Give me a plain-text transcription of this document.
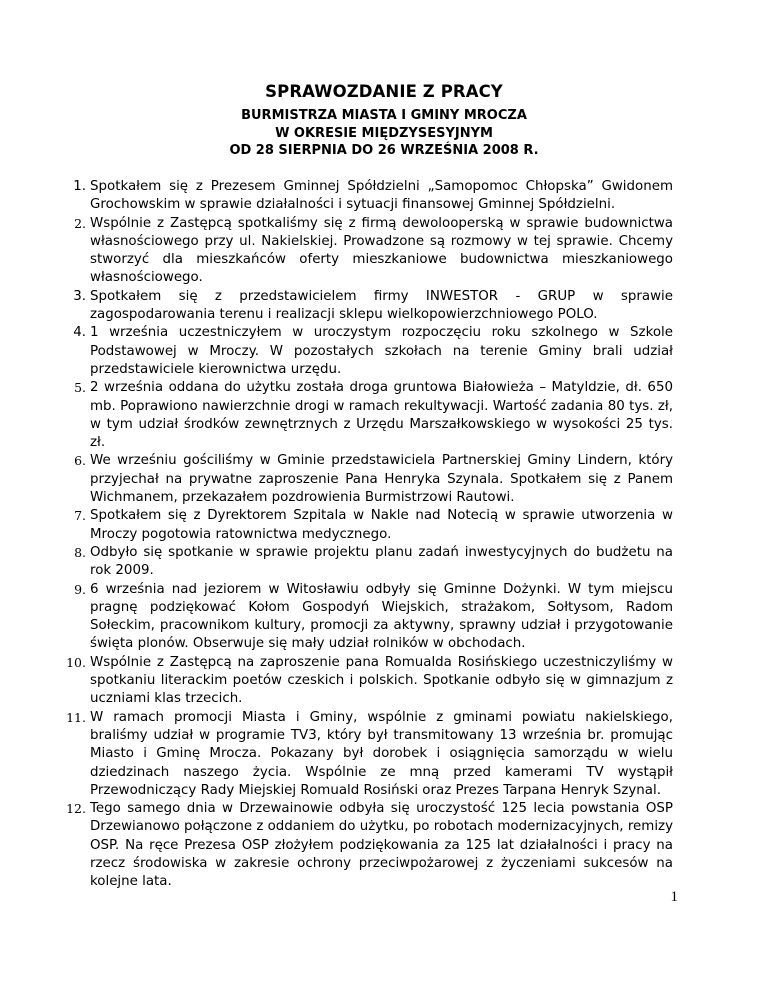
SPRAWOZDANIE Z PRACY
BURMISTRZA MIASTA I GMINY MROCZA
W OKRESIE MIĘDZYSESYJNYM
OD 28 SIERPNIA DO 26 WRZEŚNIA 2008 R.
1. Spotkałem się z Prezesem Gminnej Spółdzielni „Samopomoc Chłopska” Gwidonem Grochowskim w sprawie działalności i sytuacji finansowej Gminnej Spółdzielni.
2. Wspólnie z Zastępcą spotkaliśmy się z firmą dewolooperską w sprawie budownictwa własnościowego przy ul. Nakielskiej. Prowadzone są rozmowy w tej sprawie. Chcemy stworzyć dla mieszkańców oferty mieszkaniowe budownictwa mieszkaniowego własnościowego.
3. Spotkałem się z przedstawicielem firmy INWESTOR - GRUP w sprawie zagospodarowania terenu i realizacji sklepu wielkopowierzchniowego POLO.
4. 1 września uczestniczyłem w uroczystym rozpoczęciu roku szkolnego w Szkole Podstawowej w Mroczy. W pozostałych szkołach na terenie Gminy brali udział przedstawiciele kierownictwa urzędu.
5. 2 września oddana do użytku została droga gruntowa Białowieża – Matyldzie, dł. 650 mb. Poprawiono nawierzchnie drogi w ramach rekultywacji. Wartość zadania 80 tys. zł, w tym udział środków zewnętrznych z Urzędu Marszałkowskiego w wysokości 25 tys. zł.
6. We wrześniu gościliśmy w Gminie przedstawiciela Partnerskiej Gminy Lindern, który przyjechał na prywatne zaproszenie Pana Henryka Szynala. Spotkałem się z Panem Wichmanem, przekazałem pozdrowienia Burmistrzowi Rautowi.
7. Spotkałem się z Dyrektorem Szpitala w Nakle nad Notecią w sprawie utworzenia w Mroczy pogotowia ratownictwa medycznego.
8. Odbyło się spotkanie w sprawie projektu planu zadań inwestycyjnych do budżetu na rok 2009.
9. 6 września nad jeziorem w Witosławiu odbyły się Gminne Dożynki. W tym miejscu pragnę podziękować Kołom Gospodyń Wiejskich, strażakom, Sołtysom, Radom Sołeckim, pracownikom kultury, promocji za aktywny, sprawny udział i przygotowanie święta plonów. Obserwuje się mały udział rolników w obchodach.
10. Wspólnie z Zastępcą na zaproszenie pana Romualda Rosińskiego uczestniczyliśmy w spotkaniu literackim poetów czeskich i polskich. Spotkanie odbyło się w gimnazjum z uczniami klas trzecich.
11. W ramach promocji Miasta i Gminy, wspólnie z gminami powiatu nakielskiego, braliśmy udział w programie TV3, który był transmitowany 13 września br. promując Miasto i Gminę Mrocza. Pokazany był dorobek i osiągnięcia samorządu w wielu dziedzinach naszego życia. Wspólnie ze mną przed kamerami TV wystąpił Przewodniczący Rady Miejskiej Romuald Rosiński oraz Prezes Tarpana Henryk Szynal.
12. Tego samego dnia w Drzewainowie odbyła się uroczystość 125 lecia powstania OSP Drzewianowo połączone z oddaniem do użytku, po robotach modernizacyjnych, remizy OSP. Na ręce Prezesa OSP złożyłem podziękowania za 125 lat działalności i pracy na rzecz środowiska w zakresie ochrony przeciwpożarowej z życzeniami sukcesów na kolejne lata.
1
